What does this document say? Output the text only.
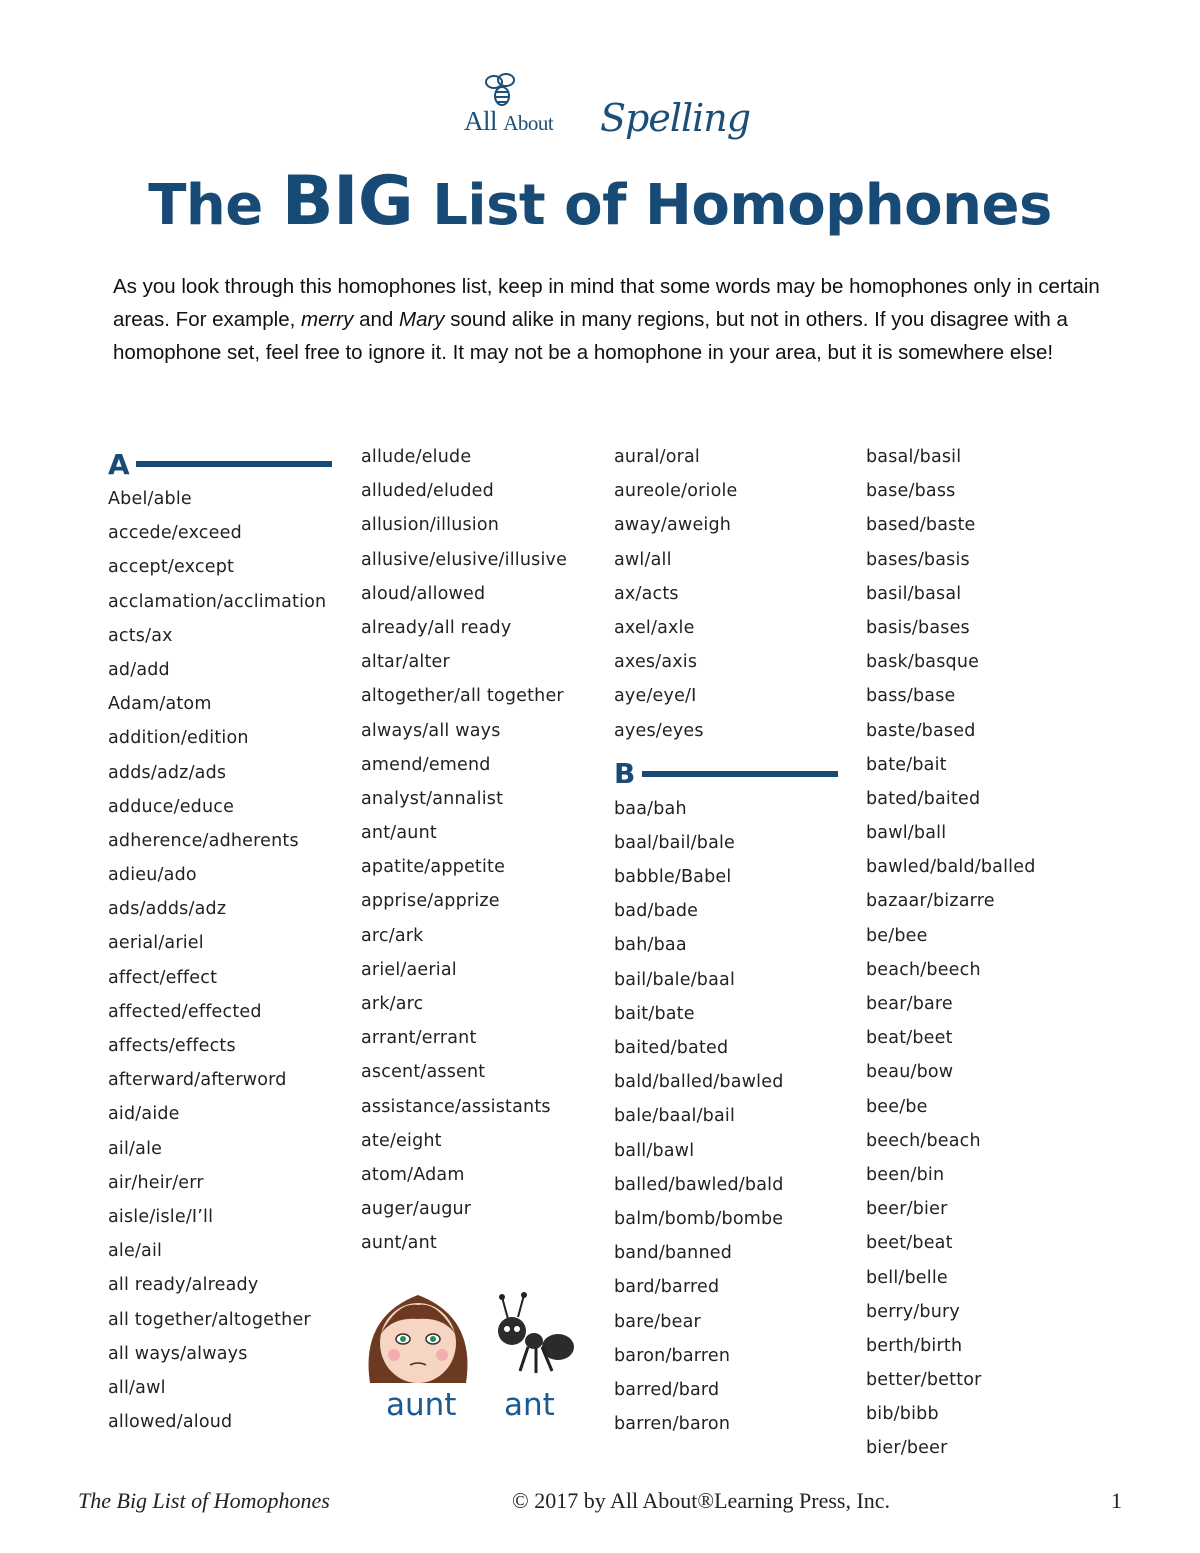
All About Spelling
The BIG List of Homophones

As you look through this homophones list, keep in mind that some words may be homophones only in certain areas. For example, merry and Mary sound alike in many regions, but not in others. If you disagree with a homophone set, feel free to ignore it. It may not be a homophone in your area, but it is somewhere else!

A
Abel/able
accede/exceed
accept/except
acclamation/acclimation
acts/ax
ad/add
Adam/atom
addition/edition
adds/adz/ads
adduce/educe
adherence/adherents
adieu/ado
ads/adds/adz
aerial/ariel
affect/effect
affected/effected
affects/effects
afterward/afterword
aid/aide
ail/ale
air/heir/err
aisle/isle/I’ll
ale/ail
all ready/already
all together/altogether
all ways/always
all/awl
allowed/aloud
allude/elude
alluded/eluded
allusion/illusion
allusive/elusive/illusive
aloud/allowed
already/all ready
altar/alter
altogether/all together
always/all ways
amend/emend
analyst/annalist
ant/aunt
apatite/appetite
apprise/apprize
arc/ark
ariel/aerial
ark/arc
arrant/errant
ascent/assent
assistance/assistants
ate/eight
atom/Adam
auger/augur
aunt/ant
aural/oral
aureole/oriole
away/aweigh
awl/all
ax/acts
axel/axle
axes/axis
aye/eye/I
ayes/eyes
B
baa/bah
baal/bail/bale
babble/Babel
bad/bade
bah/baa
bail/bale/baal
bait/bate
baited/bated
bald/balled/bawled
bale/baal/bail
ball/bawl
balled/bawled/bald
balm/bomb/bombe
band/banned
bard/barred
bare/bear
baron/barren
barred/bard
barren/baron
basal/basil
base/bass
based/baste
bases/basis
basil/basal
basis/bases
bask/basque
bass/base
baste/based
bate/bait
bated/baited
bawl/ball
bawled/bald/balled
bazaar/bizarre
be/bee
beach/beech
bear/bare
beat/beet
beau/bow
bee/be
beech/beach
been/bin
beer/bier
beet/beat
bell/belle
berry/bury
berth/birth
better/bettor
bib/bibb
bier/beer
aunt ant
The Big List of Homophones	© 2017 by All About®Learning Press, Inc.	1
